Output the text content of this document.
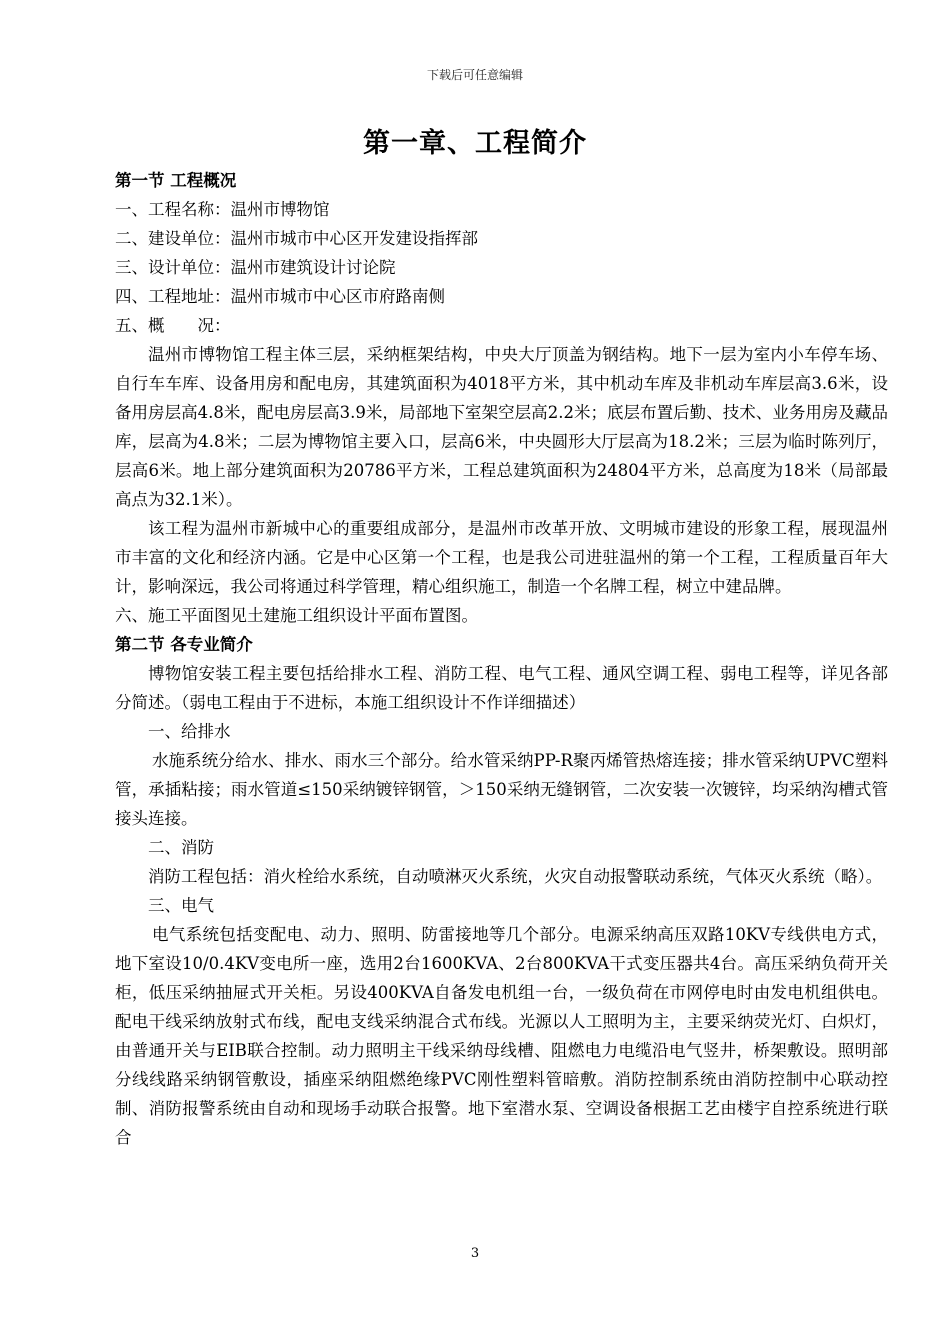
下载后可任意编辑
第一章、工程简介

第一节 工程概况

一、工程名称：温州市博物馆

二、建设单位：温州市城市中心区开发建设指挥部

三、设计单位：温州市建筑设计讨论院

四、工程地址：温州市城市中心区市府路南侧

五、概　　况：

温州市博物馆工程主体三层，采纳框架结构，中央大厅顶盖为钢结构。地下一层为室内小车停车场、自行车车库、设备用房和配电房，其建筑面积为4018平方米，其中机动车库及非机动车库层高3.6米，设备用房层高4.8米，配电房层高3.9米，局部地下室架空层高2.2米；底层布置后勤、技术、业务用房及藏品库，层高为4.8米；二层为博物馆主要入口，层高6米，中央圆形大厅层高为18.2米；三层为临时陈列厅，层高6米。地上部分建筑面积为20786平方米，工程总建筑面积为24804平方米，总高度为18米（局部最高点为32.1米）。

该工程为温州市新城中心的重要组成部分，是温州市改革开放、文明城市建设的形象工程，展现温州市丰富的文化和经济内涵。它是中心区第一个工程，也是我公司进驻温州的第一个工程，工程质量百年大计，影响深远，我公司将通过科学管理，精心组织施工，制造一个名牌工程，树立中建品牌。

六、施工平面图见土建施工组织设计平面布置图。

第二节 各专业简介

博物馆安装工程主要包括给排水工程、消防工程、电气工程、通风空调工程、弱电工程等，详见各部分简述。（弱电工程由于不进标，本施工组织设计不作详细描述）

一、给排水

水施系统分给水、排水、雨水三个部分。给水管采纳PP-R聚丙烯管热熔连接；排水管采纳UPVC塑料管，承插粘接；雨水管道≤150采纳镀锌钢管，＞150采纳无缝钢管，二次安装一次镀锌，均采纳沟槽式管接头连接。

二、消防

消防工程包括：消火栓给水系统，自动喷淋灭火系统，火灾自动报警联动系统，气体灭火系统（略）。

三、电气

电气系统包括变配电、动力、照明、防雷接地等几个部分。电源采纳高压双路10KV专线供电方式，地下室设10/0.4KV变电所一座，选用2台1600KVA、2台800KVA干式变压器共4台。高压采纳负荷开关柜，低压采纳抽屉式开关柜。另设400KVA自备发电机组一台，一级负荷在市网停电时由发电机组供电。配电干线采纳放射式布线，配电支线采纳混合式布线。光源以人工照明为主，主要采纳荧光灯、白炽灯，由普通开关与EIB联合控制。动力照明主干线采纳母线槽、阻燃电力电缆沿电气竖井，桥架敷设。照明部分线线路采纳钢管敷设，插座采纳阻燃绝缘PVC刚性塑料管暗敷。消防控制系统由消防控制中心联动控制、消防报警系统由自动和现场手动联合报警。地下室潜水泵、空调设备根据工艺由楼宇自控系统进行联合

3
